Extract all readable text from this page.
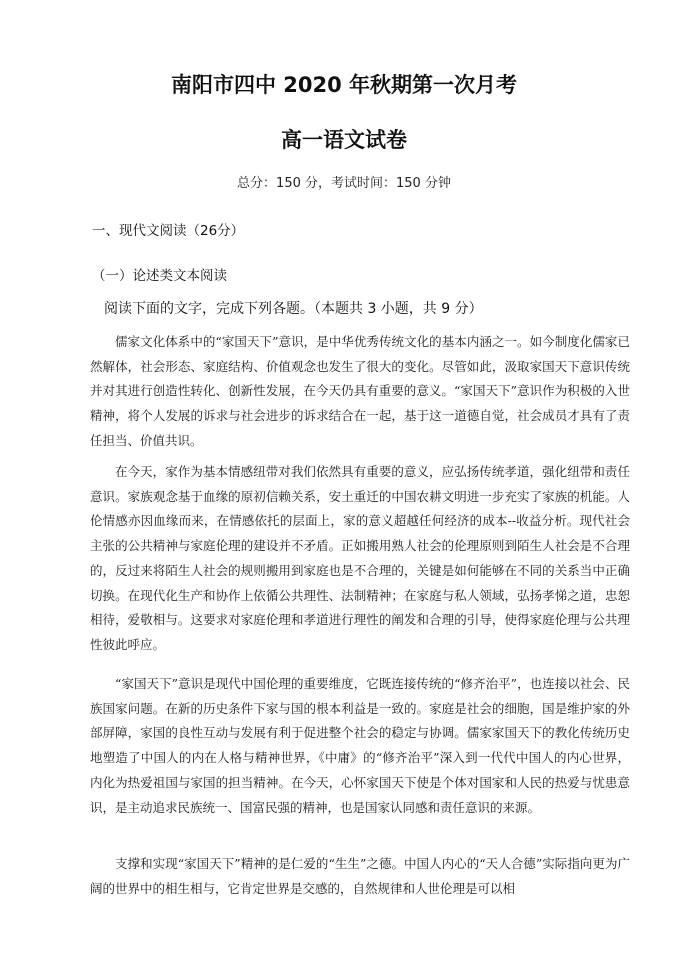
南阳市四中 2020 年秋期第一次月考
高一语文试卷
总分：150 分，考试时间：150 分钟
一、现代文阅读（26分）
（一）论述类文本阅读
阅读下面的文字，完成下列各题。（本题共 3 小题，共 9 分）

儒家文化体系中的“家国天下”意识，是中华优秀传统文化的基本内涵之一。如今制度化儒家已然解体，社会形态、家庭结构、价值观念也发生了很大的变化。尽管如此，汲取家国天下意识传统并对其进行创造性转化、创新性发展，在今天仍具有重要的意义。“家国天下”意识作为积极的入世精神，将个人发展的诉求与社会进步的诉求结合在一起，基于这一道德自觉，社会成员才具有了责任担当、价值共识。

在今天，家作为基本情感纽带对我们依然具有重要的意义，应弘扬传统孝道，强化纽带和责任意识。家族观念基于血缘的原初信赖关系，安土重迁的中国农耕文明进一步充实了家族的机能。人伦情感亦因血缘而来，在情感依托的层面上，家的意义超越任何经济的成本--收益分析。现代社会主张的公共精神与家庭伦理的建设并不矛盾。正如搬用熟人社会的伦理原则到陌生人社会是不合理的，反过来将陌生人社会的规则搬用到家庭也是不合理的，关键是如何能够在不同的关系当中正确切换。在现代化生产和协作上依循公共理性、法制精神；在家庭与私人领域，弘扬孝悌之道，忠恕相待，爱敬相与。这要求对家庭伦理和孝道进行理性的阐发和合理的引导，使得家庭伦理与公共理性彼此呼应。

“家国天下”意识是现代中国伦理的重要维度，它既连接传统的“修齐治平”，也连接以社会、民族国家问题。在新的历史条件下家与国的根本利益是一致的。家庭是社会的细胞，国是维护家的外部屏障，家国的良性互动与发展有利于促进整个社会的稳定与协调。儒家家国天下的教化传统历史地塑造了中国人的内在人格与精神世界，《中庸》的“修齐治平”深入到一代代中国人的内心世界，内化为热爱祖国与家国的担当精神。在今天，心怀家国天下使是个体对国家和人民的热爱与忧患意识，是主动追求民族统一、国富民强的精神，也是国家认同感和责任意识的来源。

支撑和实现“家国天下”精神的是仁爱的“生生”之德。中国人内心的“天人合德”实际指向更为广阔的世界中的相生相与，它肯定世界是交感的，自然规律和人世伦理是可以相
